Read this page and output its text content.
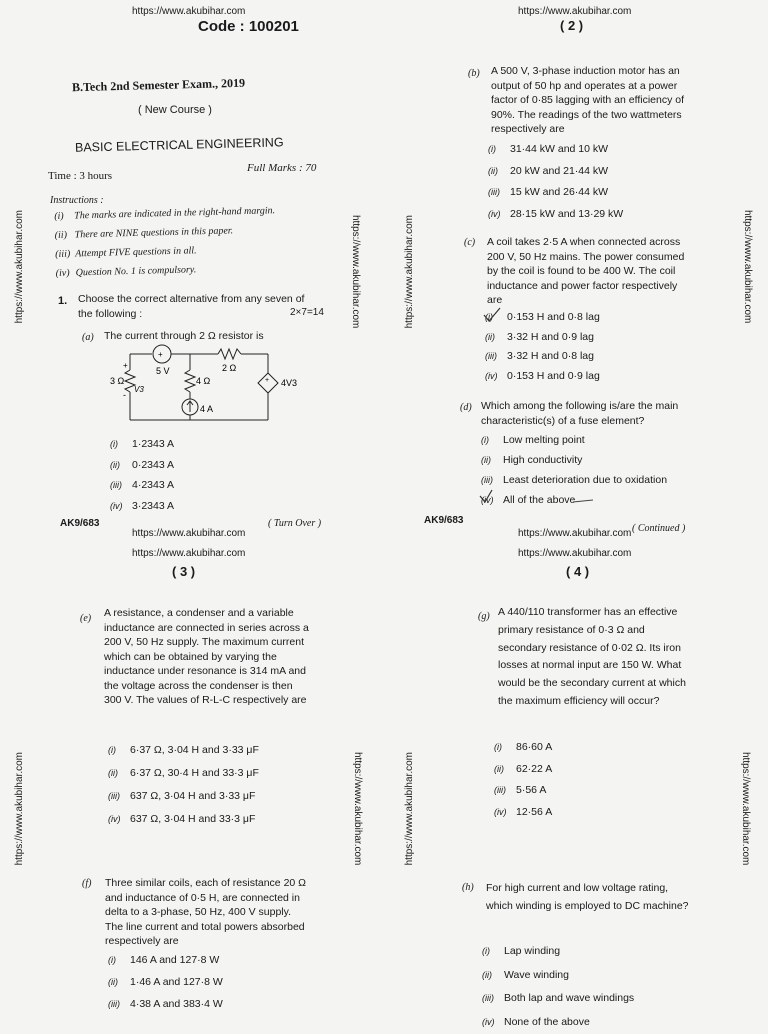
https://www.akubihar.com
Code : 100201
B.Tech 2nd Semester Exam., 2019
( New Course )
BASIC ELECTRICAL ENGINEERING
Time : 3 hours
Full Marks : 70
Instructions :
(i) The marks are indicated in the right-hand margin.
(ii) There are NINE questions in this paper.
(iii) Attempt FIVE questions in all.
(iv) Question No. 1 is compulsory.
1. Choose the correct alternative from any seven of the following :	2×7=14
(a) The current through 2 Ω resistor is
+
5 V	2 Ω
3 Ω
+
-
V3
4 Ω
4 A
+ 4V3
(i) 1·2343 A
(ii) 0·2343 A
(iii) 4·2343 A
(iv) 3·2343 A
AK9/683	( Turn Over )
https://www.akubihar.com
( 2 )
(b) A 500 V, 3-phase induction motor has an output of 50 hp and operates at a power factor of 0·85 lagging with an efficiency of 90%. The readings of the two wattmeters respectively are
(i) 31·44 kW and 10 kW
(ii) 20 kW and 21·44 kW
(iii) 15 kW and 26·44 kW
(iv) 28·15 kW and 13·29 kW
(c) A coil takes 2·5 A when connected across 200 V, 50 Hz mains. The power consumed by the coil is found to be 400 W. The coil inductance and power factor respectively are
(i) 0·153 H and 0·8 lag
(ii) 3·32 H and 0·9 lag
(iii) 3·32 H and 0·8 lag
(iv) 0·153 H and 0·9 lag
(d) Which among the following is/are the main characteristic(s) of a fuse element?
(i) Low melting point
(ii) High conductivity
(iii) Least deterioration due to oxidation
(iv) All of the above
AK9/683
https://www.akubihar.com ( Continued )
https://www.akubihar.com
https://www.akubihar.com
( 3 )
(e) A resistance, a condenser and a variable inductance are connected in series across a 200 V, 50 Hz supply. The maximum current which can be obtained by varying the inductance under resonance is 314 mA and the voltage across the condenser is then 300 V. The values of R-L-C respectively are
(i) 6·37 Ω, 3·04 H and 3·33 μF
(ii) 6·37 Ω, 30·4 H and 33·3 μF
(iii) 637 Ω, 3·04 H and 3·33 μF
(iv) 637 Ω, 3·04 H and 33·3 μF
(f) Three similar coils, each of resistance 20 Ω and inductance of 0·5 H, are connected in delta to a 3-phase, 50 Hz, 400 V supply. The line current and total powers absorbed respectively are
(i) 146 A and 127·8 W
(ii) 1·46 A and 127·8 W
(iii) 4·38 A and 383·4 W
https://www.akubihar.com
( 4 )
(g) A 440/110 transformer has an effective primary resistance of 0·3 Ω and secondary resistance of 0·02 Ω. Its iron losses at normal input are 150 W. What would be the secondary current at which the maximum efficiency will occur?
(i) 86·60 A
(ii) 62·22 A
(iii) 5·56 A
(iv) 12·56 A
(h) For high current and low voltage rating, which winding is employed to DC machine?
(i) Lap winding
(ii) Wave winding
(iii) Both lap and wave windings
(iv) None of the above
https://www.akubihar.com	https://www.akubihar.com	https://www.akubihar.com	https://www.akubihar.com
https://www.akubihar.com	https://www.akubihar.com	https://www.akubihar.com	https://www.akubihar.com
